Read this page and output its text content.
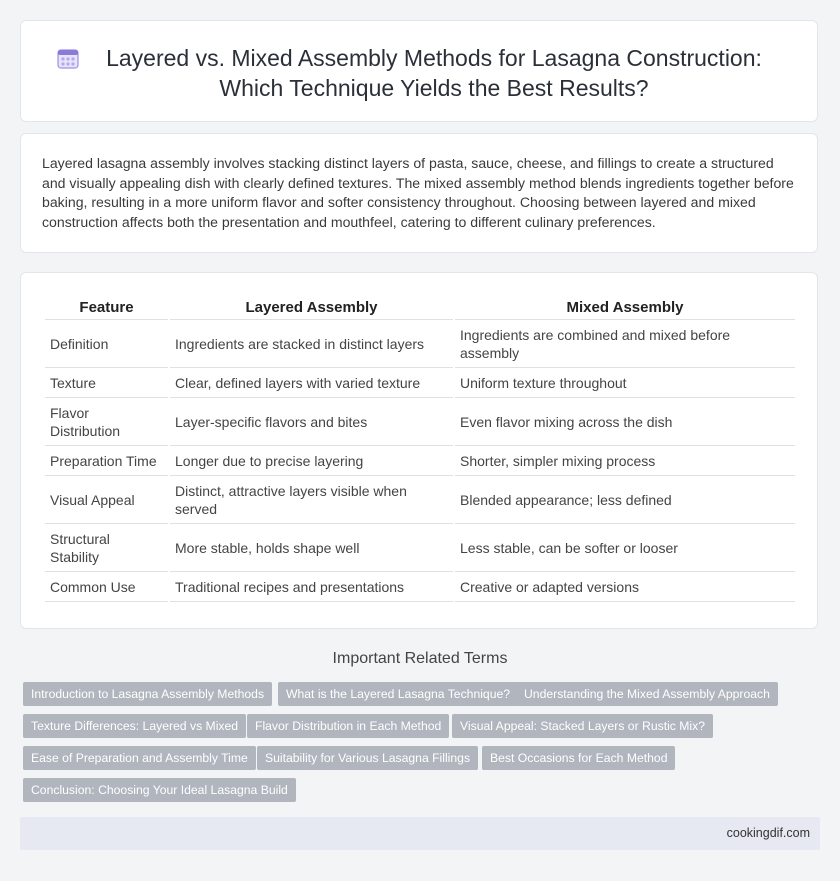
Layered vs. Mixed Assembly Methods for Lasagna Construction: Which Technique Yields the Best Results?

Layered lasagna assembly involves stacking distinct layers of pasta, sauce, cheese, and fillings to create a structured and visually appealing dish with clearly defined textures. The mixed assembly method blends ingredients together before baking, resulting in a more uniform flavor and softer consistency throughout. Choosing between layered and mixed construction affects both the presentation and mouthfeel, catering to different culinary preferences.

Feature	Layered Assembly	Mixed Assembly
Definition	Ingredients are stacked in distinct layers	Ingredients are combined and mixed before assembly
Texture	Clear, defined layers with varied texture	Uniform texture throughout
Flavor Distribution	Layer-specific flavors and bites	Even flavor mixing across the dish
Preparation Time	Longer due to precise layering	Shorter, simpler mixing process
Visual Appeal	Distinct, attractive layers visible when served	Blended appearance; less defined
Structural Stability	More stable, holds shape well	Less stable, can be softer or looser
Common Use	Traditional recipes and presentations	Creative or adapted versions
Important Related Terms
Introduction to Lasagna Assembly Methods	What is the Layered Lasagna Technique?	Understanding the Mixed Assembly Approach
Texture Differences: Layered vs Mixed	Flavor Distribution in Each Method	Visual Appeal: Stacked Layers or Rustic Mix?
Ease of Preparation and Assembly Time	Suitability for Various Lasagna Fillings	Best Occasions for Each Method
Conclusion: Choosing Your Ideal Lasagna Build
cookingdif.com
